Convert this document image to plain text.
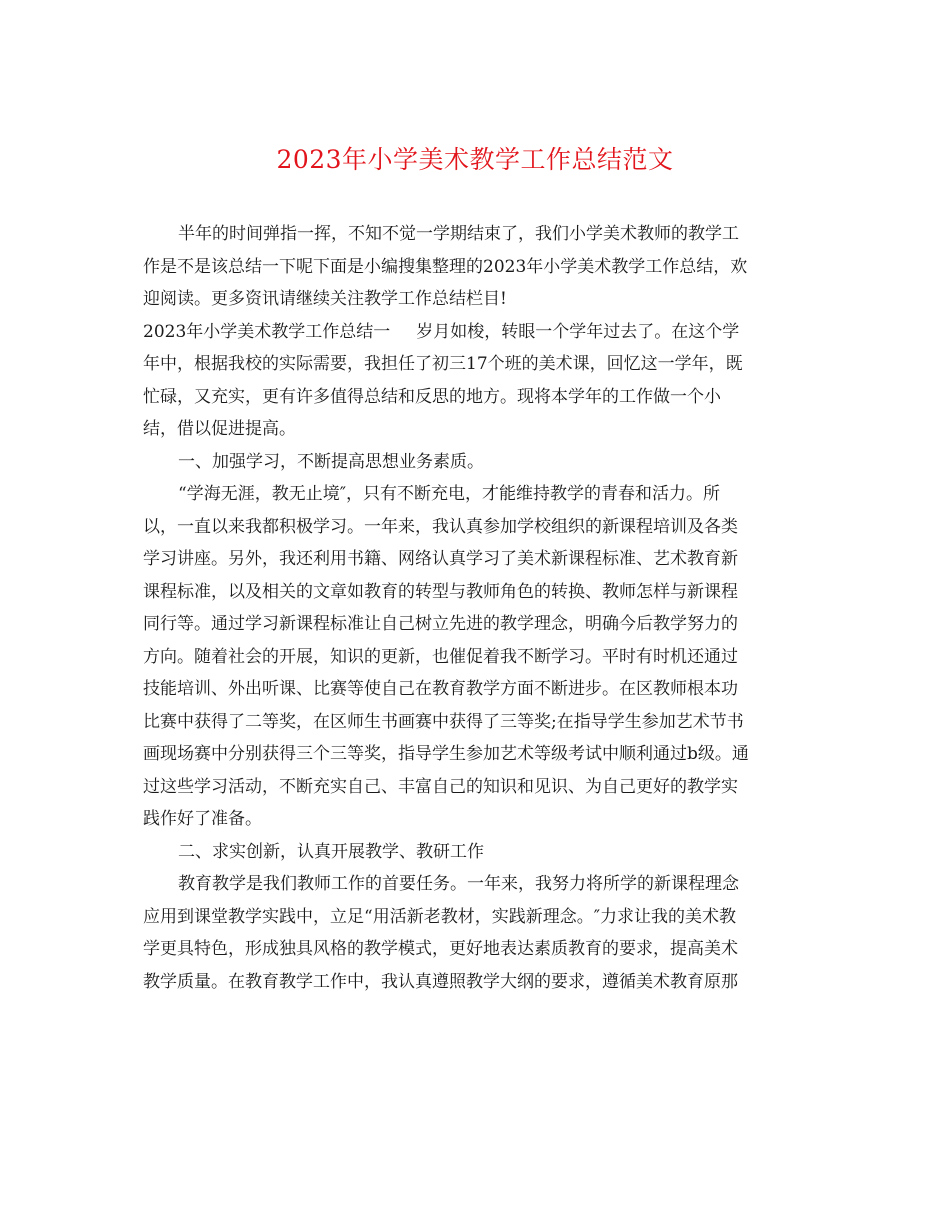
2023年小学美术教学工作总结范文

半年的时间弹指一挥，不知不觉一学期结束了，我们小学美术教师的教学工

作是不是该总结一下呢下面是小编搜集整理的2023年小学美术教学工作总结，欢

迎阅读。更多资讯请继续关注教学工作总结栏目!

2023年小学美术教学工作总结一 岁月如梭，转眼一个学年过去了。在这个学

年中，根据我校的实际需要，我担任了初三17个班的美术课，回忆这一学年，既

忙碌，又充实，更有许多值得总结和反思的地方。现将本学年的工作做一个小

结，借以促进提高。

一、加强学习，不断提高思想业务素质。

“学海无涯，教无止境″，只有不断充电，才能维持教学的青春和活力。所

以，一直以来我都积极学习。一年来，我认真参加学校组织的新课程培训及各类

学习讲座。另外，我还利用书籍、网络认真学习了美术新课程标准、艺术教育新

课程标准，以及相关的文章如教育的转型与教师角色的转换、教师怎样与新课程

同行等。通过学习新课程标准让自己树立先进的教学理念，明确今后教学努力的

方向。随着社会的开展，知识的更新，也催促着我不断学习。平时有时机还通过

技能培训、外出听课、比赛等使自己在教育教学方面不断进步。在区教师根本功

比赛中获得了二等奖，在区师生书画赛中获得了三等奖;在指导学生参加艺术节书

画现场赛中分别获得三个三等奖，指导学生参加艺术等级考试中顺利通过b级。通

过这些学习活动，不断充实自己、丰富自己的知识和见识、为自己更好的教学实

践作好了准备。

二、求实创新，认真开展教学、教研工作

教育教学是我们教师工作的首要任务。一年来，我努力将所学的新课程理念

应用到课堂教学实践中，立足“用活新老教材，实践新理念。″力求让我的美术教

学更具特色，形成独具风格的教学模式，更好地表达素质教育的要求，提高美术

教学质量。在教育教学工作中，我认真遵照教学大纲的要求，遵循美术教育原那
